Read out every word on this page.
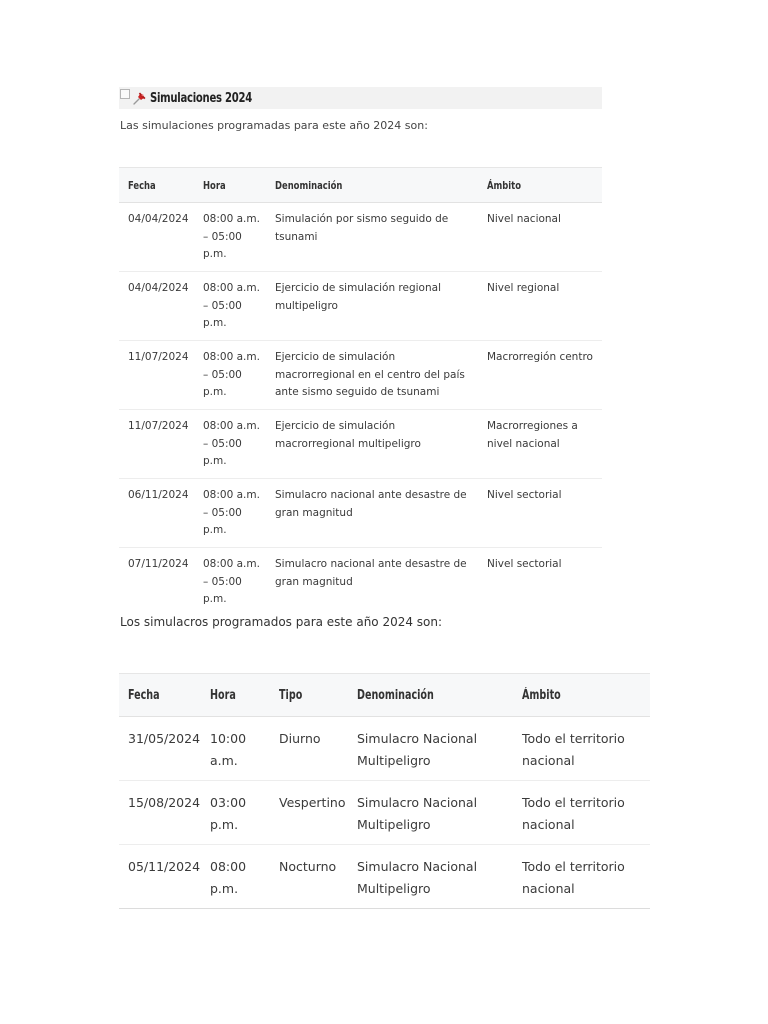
Simulaciones 2024

Las simulaciones programadas para este año 2024 son:

Fecha	Hora	Denominación	Ámbito
04/04/2024	08:00 a.m. – 05:00 p.m.	Simulación por sismo seguido de tsunami	Nivel nacional
04/04/2024	08:00 a.m. – 05:00 p.m.	Ejercicio de simulación regional multipeligro	Nivel regional
11/07/2024	08:00 a.m. – 05:00 p.m.	Ejercicio de simulación macrorregional en el centro del país ante sismo seguido de tsunami	Macrorregión centro
11/07/2024	08:00 a.m. – 05:00 p.m.	Ejercicio de simulación macrorregional multipeligro	Macrorregiones a nivel nacional
06/11/2024	08:00 a.m. – 05:00 p.m.	Simulacro nacional ante desastre de gran magnitud	Nivel sectorial
07/11/2024	08:00 a.m. – 05:00 p.m.	Simulacro nacional ante desastre de gran magnitud	Nivel sectorial

Los simulacros programados para este año 2024 son:

Fecha	Hora	Tipo	Denominación	Ámbito
31/05/2024	10:00 a.m.	Diurno	Simulacro Nacional Multipeligro	Todo el territorio nacional
15/08/2024	03:00 p.m.	Vespertino	Simulacro Nacional Multipeligro	Todo el territorio nacional
05/11/2024	08:00 p.m.	Nocturno	Simulacro Nacional Multipeligro	Todo el territorio nacional
